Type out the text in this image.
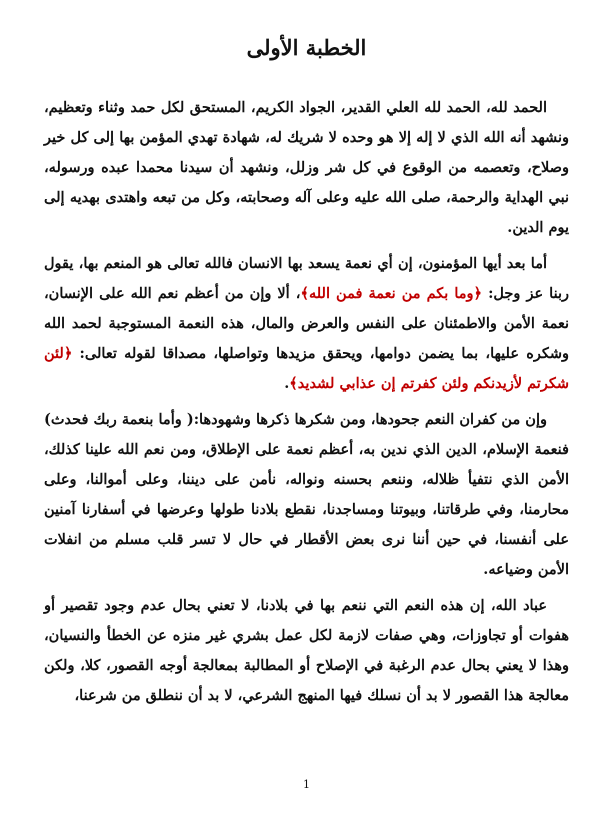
الخطبة الأولى

الحمد لله، الحمد لله العلي القدير، الجواد الكريم، المستحق لكل حمد وثناء وتعظيم، ونشهد أنه الله الذي لا إله إلا هو وحده لا شريك له، شهادة تهدي المؤمن بها إلى كل خير وصلاح، وتعصمه من الوقوع في كل شر وزلل، ونشهد أن سيدنا محمدا عبده ورسوله، نبي الهداية والرحمة، صلى الله عليه وعلى آله وصحابته، وكل من تبعه واهتدى بهديه إلى يوم الدين.

أما بعد أيها المؤمنون، إن أي نعمة يسعد بها الانسان فالله تعالى هو المنعم بها، يقول ربنا عز وجل: ﴿وما بكم من نعمة فمن الله﴾، ألا وإن من أعظم نعم الله على الإنسان، نعمة الأمن والاطمئنان على النفس والعرض والمال، هذه النعمة المستوجبة لحمد الله وشكره عليها، بما يضمن دوامها، ويحقق مزيدها وتواصلها، مصداقا لقوله تعالى: ﴿لئن شكرتم لأزيدنكم ولئن كفرتم إن عذابي لشديد﴾.

وإن من كفران النعم جحودها، ومن شكرها ذكرها وشهودها:( وأما بنعمة ربك فحدث) فنعمة الإسلام، الدين الذي ندين به، أعظم نعمة على الإطلاق، ومن نعم الله علينا كذلك، الأمن الذي نتفيأ ظلاله، وننعم بحسنه ونواله، نأمن على ديننا، وعلى أموالنا، وعلى محارمنا، وفي طرقاتنا، وبيوتنا ومساجدنا، نقطع بلادنا طولها وعرضها في أسفارنا آمنين على أنفسنا، في حين أننا نرى بعض الأقطار في حال لا تسر قلب مسلم من انفلات الأمن وضياعه.

عباد الله، إن هذه النعم التي ننعم بها في بلادنا، لا تعني بحال عدم وجود تقصير أو هفوات أو تجاوزات، وهي صفات لازمة لكل عمل بشري غير منزه عن الخطأ والنسيان، وهذا لا يعني بحال عدم الرغبة في الإصلاح أو المطالبة بمعالجة أوجه القصور، كلا، ولكن معالجة هذا القصور لا بد أن نسلك فيها المنهج الشرعي، لا بد أن ننطلق من شرعنا،

1
